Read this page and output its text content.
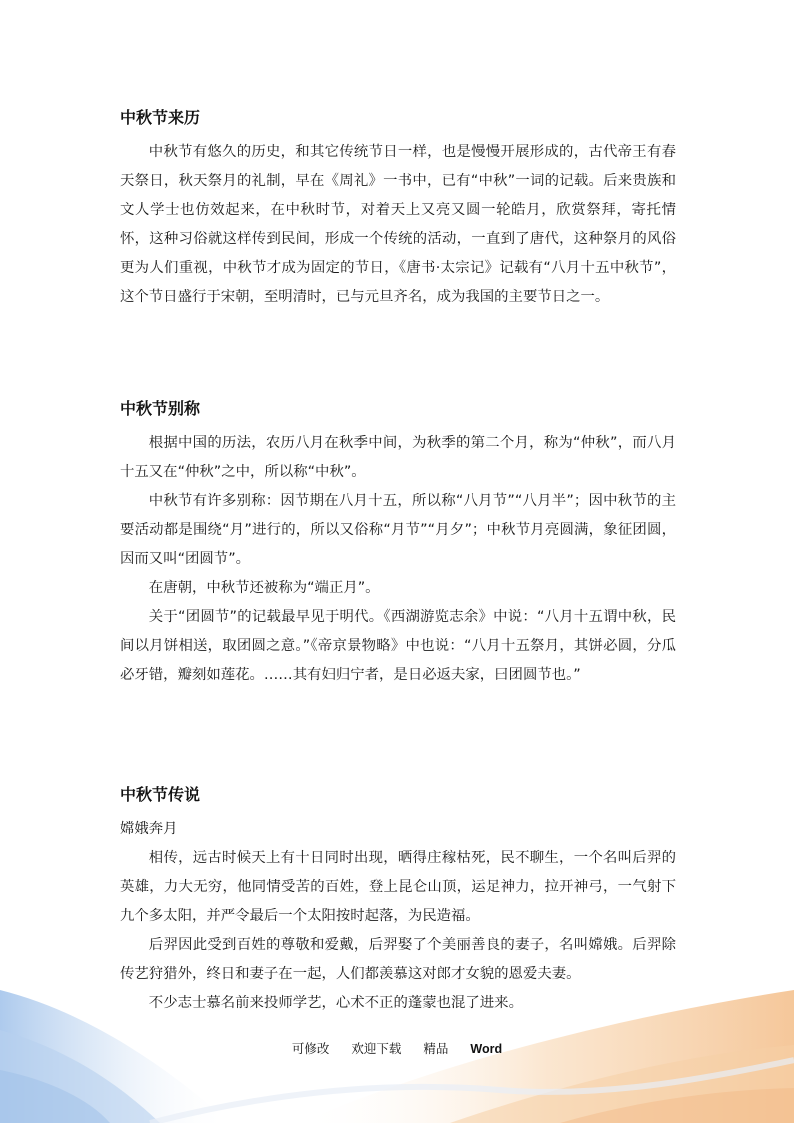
中秋节来历

中秋节有悠久的历史，和其它传统节日一样，也是慢慢开展形成的，古代帝王有春天祭日，秋天祭月的礼制，早在《周礼》一书中，已有“中秋”一词的记载。后来贵族和文人学士也仿效起来，在中秋时节，对着天上又亮又圆一轮皓月，欣赏祭拜，寄托情怀，这种习俗就这样传到民间，形成一个传统的活动，一直到了唐代，这种祭月的风俗更为人们重视，中秋节才成为固定的节日，《唐书·太宗记》记载有“八月十五中秋节”，这个节日盛行于宋朝，至明清时，已与元旦齐名，成为我国的主要节日之一。

中秋节别称

根据中国的历法，农历八月在秋季中间，为秋季的第二个月，称为“仲秋”，而八月十五又在“仲秋”之中，所以称“中秋”。

中秋节有许多别称：因节期在八月十五，所以称“八月节”“八月半”；因中秋节的主要活动都是围绕“月”进行的，所以又俗称“月节”“月夕”；中秋节月亮圆满，象征团圆，因而又叫“团圆节”。

在唐朝，中秋节还被称为“端正月”。

关于“团圆节”的记载最早见于明代。《西湖游览志余》中说：“八月十五谓中秋，民间以月饼相送，取团圆之意。”《帝京景物略》中也说：“八月十五祭月，其饼必圆，分瓜必牙错，瓣刻如莲花。……其有妇归宁者，是日必返夫家，曰团圆节也。”

中秋节传说

嫦娥奔月

相传，远古时候天上有十日同时出现，晒得庄稼枯死，民不聊生，一个名叫后羿的英雄，力大无穷，他同情受苦的百姓，登上昆仑山顶，运足神力，拉开神弓，一气射下九个多太阳，并严令最后一个太阳按时起落，为民造福。

后羿因此受到百姓的尊敬和爱戴，后羿娶了个美丽善良的妻子，名叫嫦娥。后羿除传艺狩猎外，终日和妻子在一起，人们都羡慕这对郎才女貌的恩爱夫妻。

不少志士慕名前来投师学艺，心术不正的蓬蒙也混了进来。

可修改 欢迎下载 精品 Word
